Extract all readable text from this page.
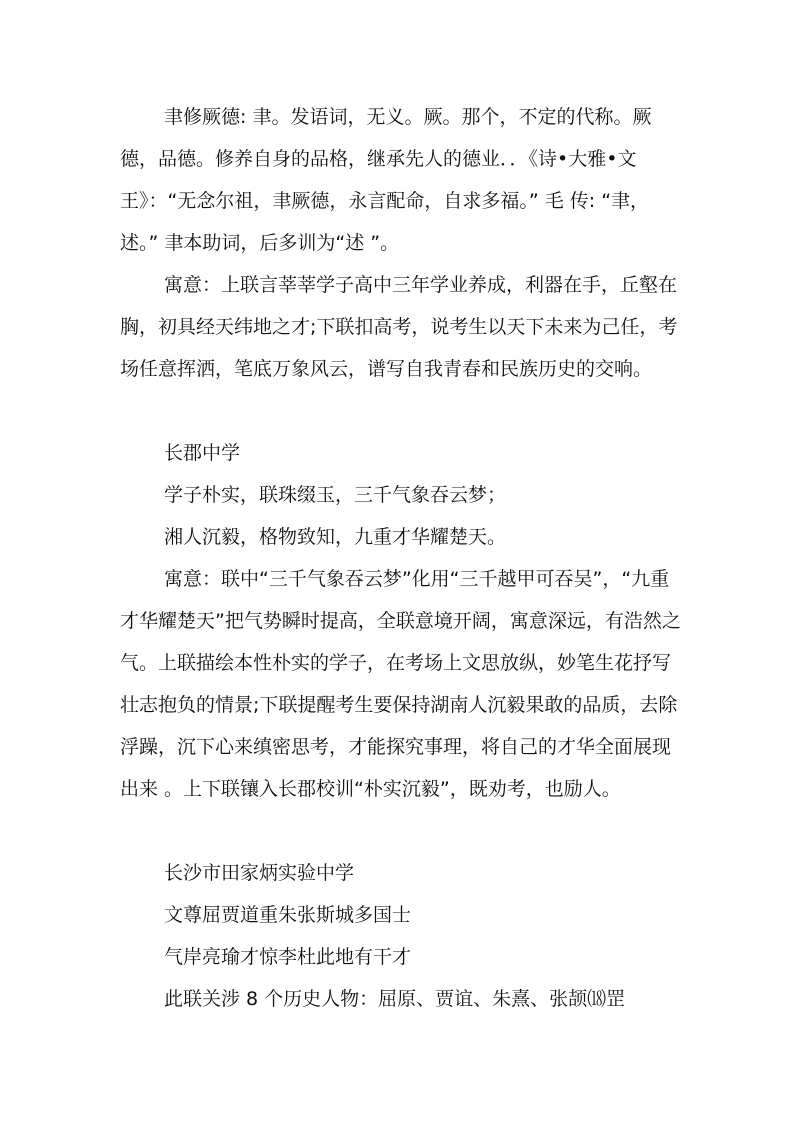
聿修厥德: 聿。发语词，无义。厥。那个，不定的代称。厥德，品德。修养自身的品格，继承先人的德业．．《诗•大雅•文王》：“无念尔祖，聿厥德，永言配命，自求多福。” 毛 传: “聿，述。” 聿本助词，后多训为“述 ”。

寓意：上联言莘莘学子高中三年学业养成，利器在手，丘壑在胸，初具经天纬地之才;下联扣高考，说考生以天下未来为己任，考场任意挥洒，笔底万象风云，谱写自我青春和民族历史的交响。

长郡中学

学子朴实，联珠缀玉，三千气象吞云梦；

湘人沉毅，格物致知，九重才华耀楚天。

寓意：联中“三千气象吞云梦”化用“三千越甲可吞吴”，“九重才华耀楚天”把气势瞬时提高，全联意境开阔，寓意深远，有浩然之气。上联描绘本性朴实的学子，在考场上文思放纵，妙笔生花抒写壮志抱负的情景;下联提醒考生要保持湖南人沉毅果敢的品质，去除浮躁，沉下心来缜密思考，才能探究事理，将自己的才华全面展现出来 。上下联镶入长郡校训“朴实沉毅”，既劝考，也励人。

长沙市田家炳实验中学

文尊屈贾道重朱张斯城多国士

气岸亮瑜才惊李杜此地有干才

此联关涉 8 个历史人物：屈原、贾谊、朱熹、张颉⒅罡
